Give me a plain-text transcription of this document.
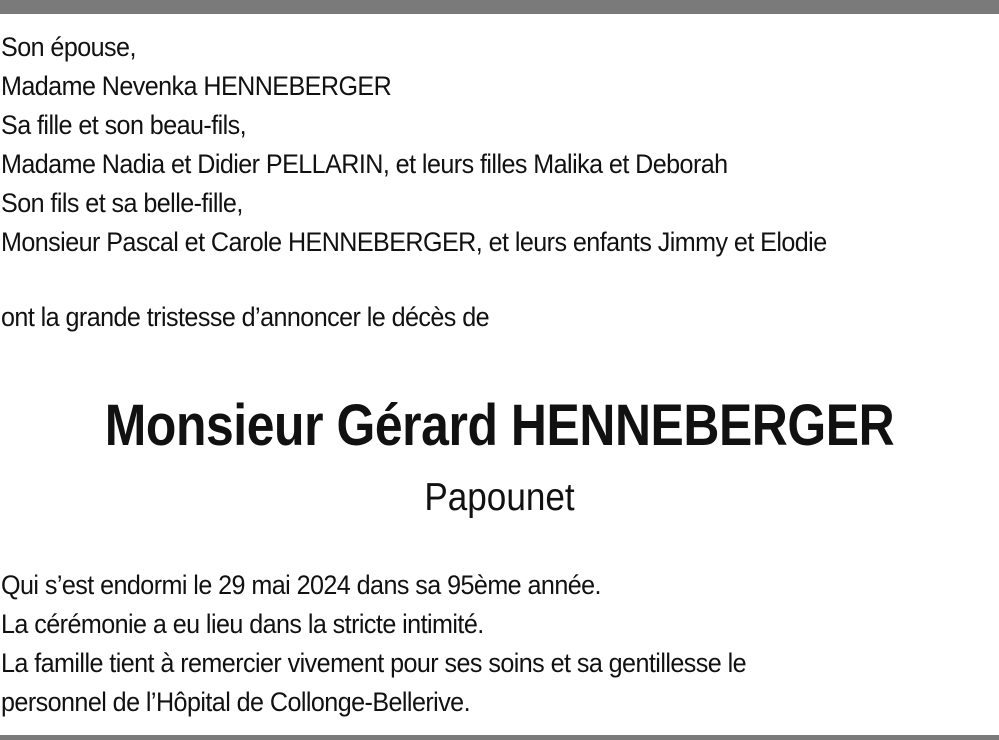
Son épouse,
Madame Nevenka HENNEBERGER
Sa fille et son beau-fils,
Madame Nadia et Didier PELLARIN, et leurs filles Malika et Deborah
Son fils et sa belle-fille,
Monsieur Pascal et Carole HENNEBERGER, et leurs enfants Jimmy et Elodie
ont la grande tristesse d’annoncer le décès de
Monsieur Gérard HENNEBERGER
Papounet
Qui s’est endormi le 29 mai 2024 dans sa 95ème année.
La cérémonie a eu lieu dans la stricte intimité.
La famille tient à remercier vivement pour ses soins et sa gentillesse le
personnel de l’Hôpital de Collonge-Bellerive.
